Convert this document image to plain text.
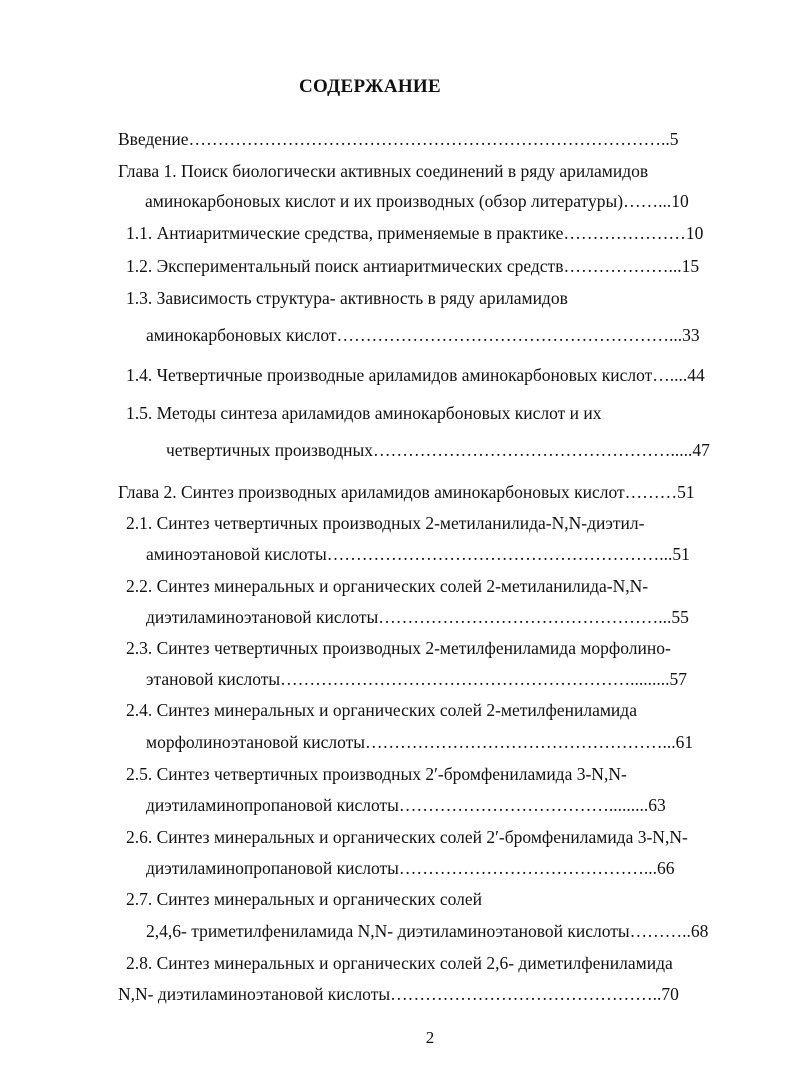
СОДЕРЖАНИЕ
Введение………………………………………………………………………..5
Глава 1. Поиск биологически активных соединений в ряду ариламидов
аминокарбоновых кислот и их производных (обзор литературы)……...10
1.1. Антиаритмические средства, применяемые в практике…………………10
1.2. Экспериментальный поиск антиаритмических средств………………...15
1.3. Зависимость структура- активность в ряду ариламидов
аминокарбоновых кислот…………………………………………………...33
1.4. Четвертичные производные ариламидов аминокарбоновых кислот…....44
1.5. Методы синтеза ариламидов аминокарбоновых кислот и их
четвертичных производных…………………………………………….....47
Глава 2. Синтез производных ариламидов аминокарбоновых кислот………51
2.1. Синтез четвертичных производных 2-метиланилида-N,N-диэтил-
аминоэтановой кислоты…………………………………………………...51
2.2. Синтез минеральных и органических солей 2-метиланилида-N,N-
диэтиламиноэтановой кислоты…………………………………………...55
2.3. Синтез четвертичных производных 2-метилфениламида морфолино-
этановой кислоты…………………………………………………….........57
2.4. Синтез минеральных и органических солей 2-метилфениламида
морфолиноэтановой кислоты……………………………………………...61
2.5. Синтез четвертичных производных 2′-бромфениламида 3-N,N-
диэтиламинопропановой кислоты……………………………….........63
2.6. Синтез минеральных и органических солей 2′-бромфениламида 3-N,N-
диэтиламинопропановой кислоты……………………………………...66
2.7. Синтез минеральных и органических солей
2,4,6- триметилфениламида N,N- диэтиламиноэтановой кислоты………..68
2.8. Синтез минеральных и органических солей 2,6- диметилфениламида
N,N- диэтиламиноэтановой кислоты………………………………………..70
2
